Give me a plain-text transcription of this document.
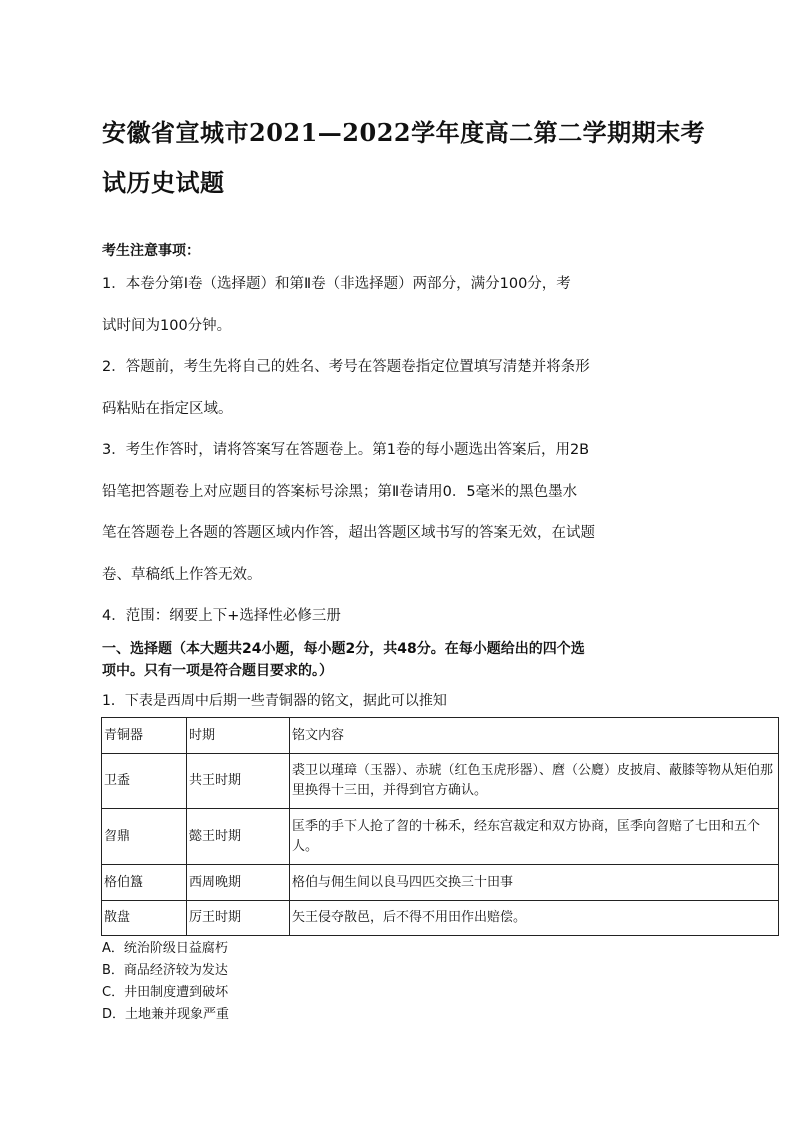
安徽省宣城市2021—2022学年度高二第二学期期末考
试历史试题
考生注意事项：
1．本卷分第Ⅰ卷（选择题）和第Ⅱ卷（非选择题）两部分，满分100分，考
试时间为100分钟。
2．答题前，考生先将自己的姓名、考号在答题卷指定位置填写清楚并将条形
码粘贴在指定区域。
3．考生作答时，请将答案写在答题卷上。第1卷的每小题选出答案后，用2B
铅笔把答题卷上对应题目的答案标号涂黑；第Ⅱ卷请用0．5毫米的黑色墨水
笔在答题卷上各题的答题区域内作答，超出答题区域书写的答案无效，在试题
卷、草稿纸上作答无效。
4．范围：纲要上下+选择性必修三册
一、选择题（本大题共24小题，每小题2分，共48分。在每小题给出的四个选
项中。只有一项是符合题目要求的。）
1．下表是西周中后期一些青铜器的铭文，据此可以推知
青铜器	时期	铭文内容
卫盉	共王时期	裘卫以瑾璋（玉器）、赤琥（红色玉虎形器）、麿（公麑）皮披肩、蔽膝等物从矩伯那里换得十三田，并得到官方确认。
曶鼎	懿王时期	匡季的手下人抢了曶的十秭禾，经东宫裁定和双方协商，匡季向曶赔了七田和五个人。
格伯簋	西周晚期	格伯与佣生间以良马四匹交换三十田事
散盘	厉王时期	矢王侵夺散邑，后不得不用田作出赔偿。
A．统治阶级日益腐朽
B．商品经济较为发达
C．井田制度遭到破坏
D．土地兼并现象严重
